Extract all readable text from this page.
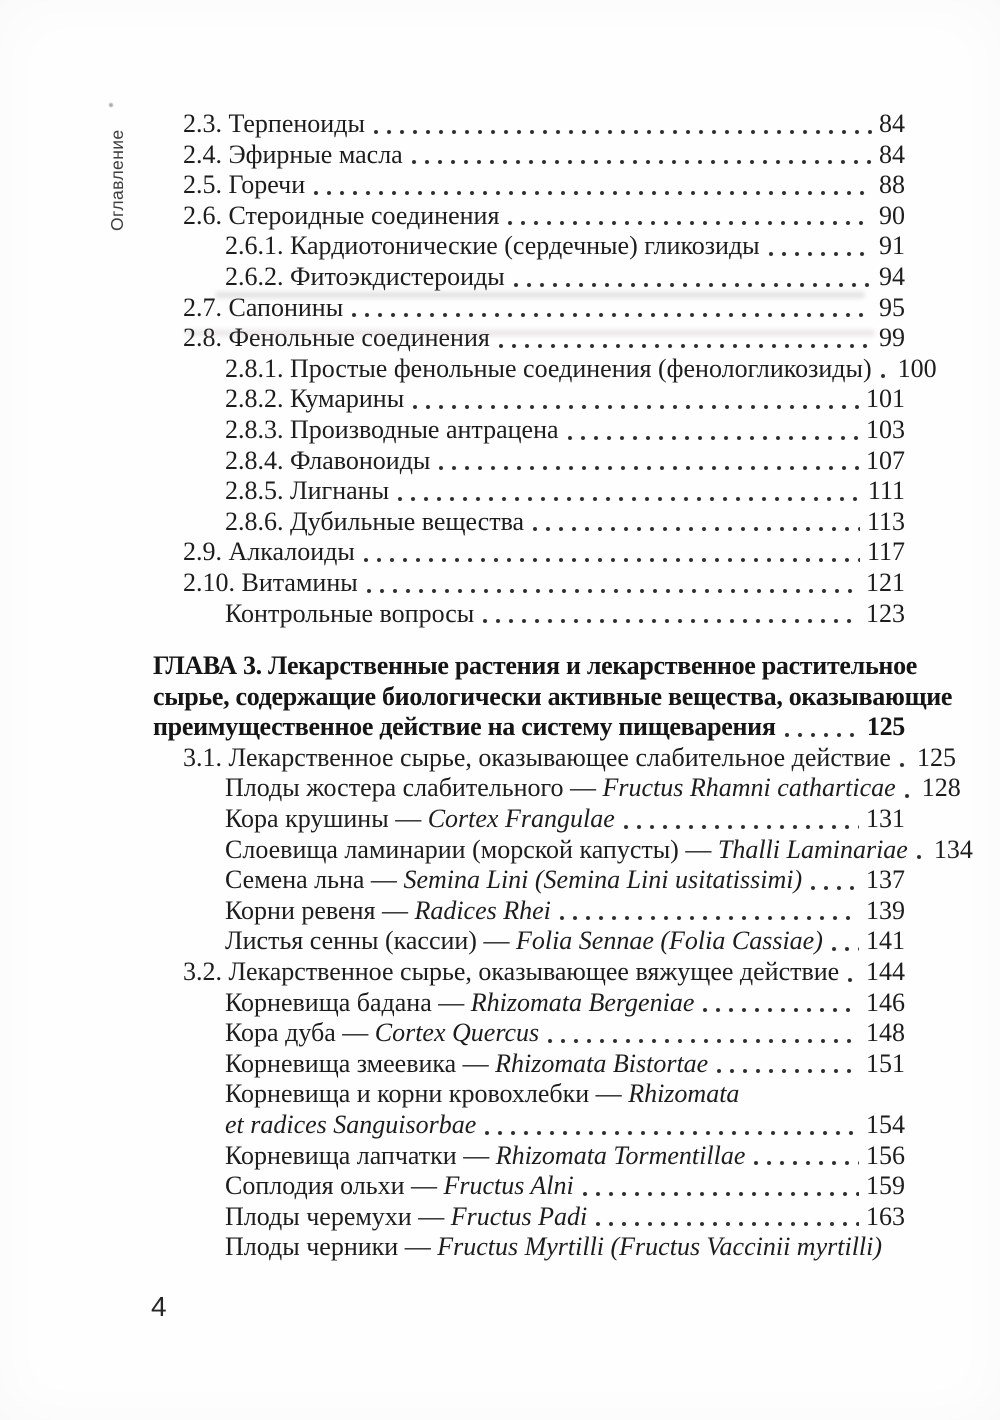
Оглавление
2.3. Терпеноиды	84
2.4. Эфирные масла	84
2.5. Горечи	88
2.6. Стероидные соединения	90
2.6.1. Кардиотонические (сердечные) гликозиды	91
2.6.2. Фитоэкдистероиды	94
2.7. Сапонины	95
2.8. Фенольные соединения	99
2.8.1. Простые фенольные соединения (фенологликозиды) 100
2.8.2. Кумарины	101
2.8.3. Производные антрацена	103
2.8.4. Флавоноиды	107
2.8.5. Лигнаны	111
2.8.6. Дубильные вещества	113
2.9. Алкалоиды	117
2.10. Витамины	121
Контрольные вопросы	123
ГЛАВА 3. Лекарственные растения и лекарственное растительное
сырье, содержащие биологически активные вещества, оказывающие
преимущественное действие на систему пищеварения	125
3.1. Лекарственное сырье, оказывающее слабительное действие 125
Плоды жостера слабительного — Fructus Rhamni catharticae 128
Кора крушины — Cortex Frangulae	131
Слоевища ламинарии (морской капусты) — Thalli Laminariae 134
Семена льна — Semina Lini (Semina Lini usitatissimi) 137
Корни ревеня — Radices Rhei	139
Листья сенны (кассии) — Folia Sennae (Folia Cassiae) 141
3.2. Лекарственное сырье, оказывающее вяжущее действие 144
Корневища бадана — Rhizomata Bergeniae	146
Кора дуба — Cortex Quercus	148
Корневища змеевика — Rhizomata Bistortae	151
Корневища и корни кровохлебки — Rhizomata
et radices Sanguisorbae	154
Корневища лапчатки — Rhizomata Tormentillae	156
Соплодия ольхи — Fructus Alni	159
Плоды черемухи — Fructus Padi	163
Плоды черники — Fructus Myrtilli (Fructus Vaccinii myrtilli)
4
